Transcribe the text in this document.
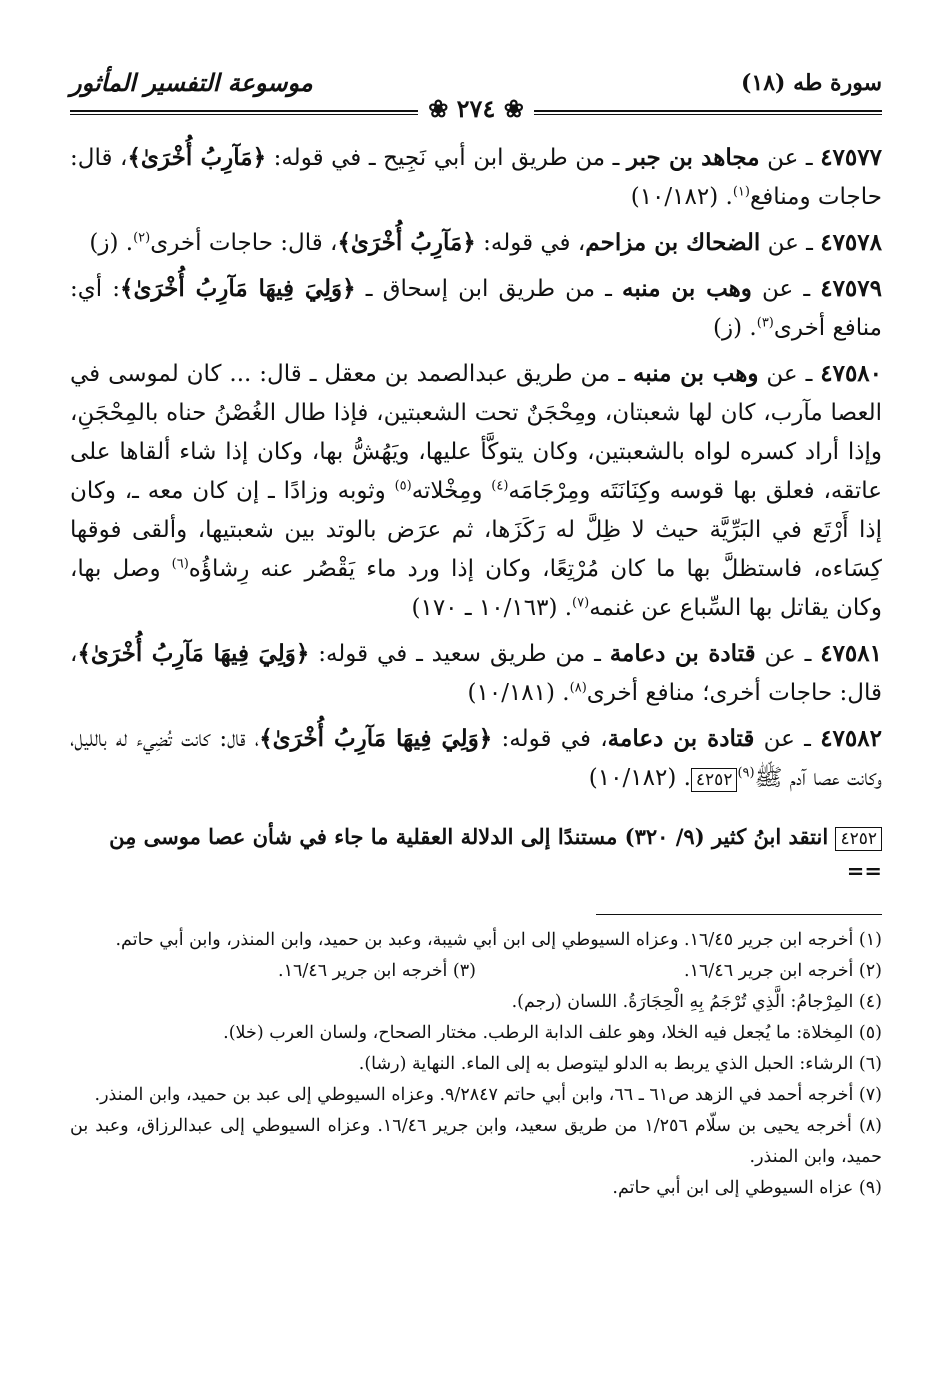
سورة طه (١٨)
موسوعة التفسير المأثور
❀ ٢٧٤ ❀

٤٧٥٧٧ ـ عن مجاهد بن جبر ـ من طريق ابن أبي نَجِيح ـ في قوله: ﴿مَآرِبُ أُخْرَىٰ﴾، قال: حاجات ومنافع$^{(١)}$. (١٠/١٨٢)

٤٧٥٧٨ ـ عن الضحاك بن مزاحم، في قوله: ﴿مَآرِبُ أُخْرَىٰ﴾، قال: حاجات أخرى$^{(٢)}$. (ز)

٤٧٥٧٩ ـ عن وهب بن منبه ـ من طريق ابن إسحاق ـ ﴿وَلِيَ فِيهَا مَآرِبُ أُخْرَىٰ﴾: أي: منافع أخرى$^{(٣)}$. (ز)

٤٧٥٨٠ ـ عن وهب بن منبه ـ من طريق عبدالصمد بن معقل ـ قال: ... كان لموسى في العصا مآرب، كان لها شعبتان، ومِحْجَنٌ تحت الشعبتين، فإذا طال الغُصْنُ حناه بالمِحْجَنِ، وإذا أراد كسره لواه بالشعبتين، وكان يتوكَّأ عليها، ويَهُشُّ بها، وكان إذا شاء ألقاها على عاتقه، فعلق بها قوسه وكِنَانَتَه ومِرْجَامَه$^{(٤)}$ ومِخْلاته$^{(٥)}$ وثوبه وزادًا ـ إن كان معه ـ، وكان إذا أَرْتَع في البَرِّيَّة حيث لا ظِلَّ له رَكَزَها، ثم عرَض بالوتد بين شعبتيها، وألقى فوقها كِسَاءه، فاستظلَّ بها ما كان مُرْتِعًا، وكان إذا ورد ماء يَقْصُر عنه رِشاؤُه$^{(٦)}$ وصل بها، وكان يقاتل بها السِّباع عن غنمه$^{(٧)}$. (١٠/١٦٣ ـ ١٧٠)

٤٧٥٨١ ـ عن قتادة بن دعامة ـ من طريق سعيد ـ في قوله: ﴿وَلِيَ فِيهَا مَآرِبُ أُخْرَىٰ﴾، قال: حاجات أخرى؛ منافع أخرى$^{(٨)}$. (١٠/١٨١)

٤٧٥٨٢ ـ عن قتادة بن دعامة، في قوله: ﴿وَلِيَ فِيهَا مَآرِبُ أُخْرَىٰ﴾، قال: كانت تُضِيء له بالليل، وكانت عصا آدم ﷺ$^{(٩)}$٤٢٥٢. (١٠/١٨٢)

٤٢٥٢ انتقد ابنُ كثير (٩/ ٣٢٠) مستندًا إلى الدلالة العقلية ما جاء في شأن عصا موسى مِن ==

(١) أخرجه ابن جرير ١٦/٤٥. وعزاه السيوطي إلى ابن أبي شيبة، وعبد بن حميد، وابن المنذر، وابن أبي حاتم.

(٢) أخرجه ابن جرير ١٦/٤٦.
(٣) أخرجه ابن جرير ١٦/٤٦.

(٤) المِرْجامُ: الَّذِي تُرْجَمُ بِهِ الْحِجَارَةُ. اللسان (رجم).

(٥) المِخلاة: ما يُجعل فيه الخلا، وهو علف الدابة الرطب. مختار الصحاح، ولسان العرب (خلا).

(٦) الرشاء: الحبل الذي يربط به الدلو ليتوصل به إلى الماء. النهاية (رشا).

(٧) أخرجه أحمد في الزهد ص٦١ ـ ٦٦، وابن أبي حاتم ٩/٢٨٤٧. وعزاه السيوطي إلى عبد بن حميد، وابن المنذر.

(٨) أخرجه يحيى بن سلّام ١/٢٥٦ من طريق سعيد، وابن جرير ١٦/٤٦. وعزاه السيوطي إلى عبدالرزاق، وعبد بن حميد، وابن المنذر.

(٩) عزاه السيوطي إلى ابن أبي حاتم.
